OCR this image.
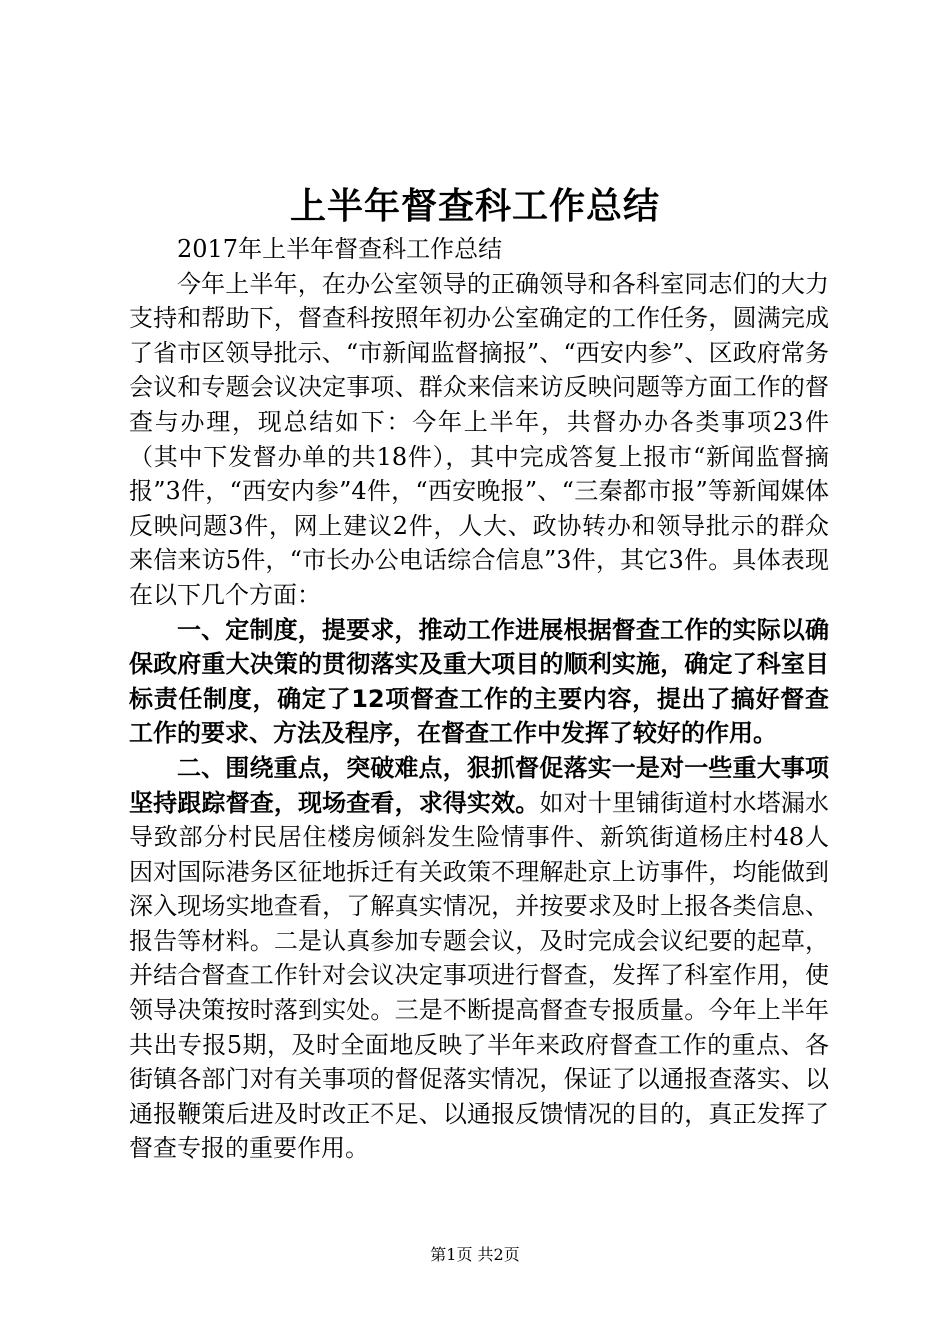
上半年督查科工作总结

2017年上半年督查科工作总结

今年上半年，在办公室领导的正确领导和各科室同志们的大力支持和帮助下，督查科按照年初办公室确定的工作任务，圆满完成了省市区领导批示、“市新闻监督摘报”、“西安内参”、区政府常务会议和专题会议决定事项、群众来信来访反映问题等方面工作的督查与办理，现总结如下：今年上半年，共督办办各类事项23件（其中下发督办单的共18件），其中完成答复上报市“新闻监督摘报”3件，“西安内参”4件，“西安晚报”、“三秦都市报”等新闻媒体反映问题3件，网上建议2件，人大、政协转办和领导批示的群众来信来访5件，“市长办公电话综合信息”3件，其它3件。具体表现在以下几个方面：

一、定制度，提要求，推动工作进展根据督查工作的实际以确保政府重大决策的贯彻落实及重大项目的顺利实施，确定了科室目标责任制度，确定了12项督查工作的主要内容，提出了搞好督查工作的要求、方法及程序，在督查工作中发挥了较好的作用。

二、围绕重点，突破难点，狠抓督促落实一是对一些重大事项坚持跟踪督查，现场查看，求得实效。如对十里铺街道村水塔漏水导致部分村民居住楼房倾斜发生险情事件、新筑街道杨庄村48人因对国际港务区征地拆迁有关政策不理解赴京上访事件，均能做到深入现场实地查看，了解真实情况，并按要求及时上报各类信息、报告等材料。二是认真参加专题会议，及时完成会议纪要的起草，并结合督查工作针对会议决定事项进行督查，发挥了科室作用，使领导决策按时落到实处。三是不断提高督查专报质量。今年上半年共出专报5期，及时全面地反映了半年来政府督查工作的重点、各街镇各部门对有关事项的督促落实情况，保证了以通报查落实、以通报鞭策后进及时改正不足、以通报反馈情况的目的，真正发挥了督查专报的重要作用。

第1页 共2页
